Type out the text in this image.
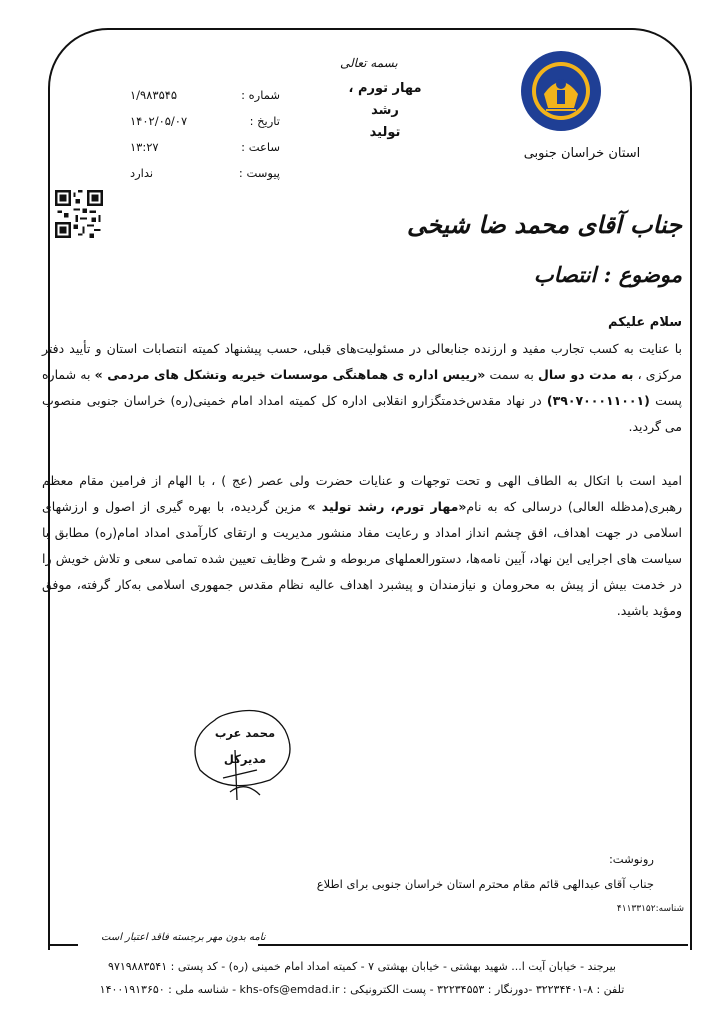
استان خراسان جنوبی
بسمه تعالی
مهار تورم ، رشد
تولید
شماره :
۱/۹۸۳۵۴۵
تاریخ :
۱۴۰۲/۰۵/۰۷
ساعت :
۱۳:۲۷
پیوست :
ندارد
جناب آقای محمد ضا شیخی
موضوع : انتصاب
سلام علیکم
با عنایت به کسب تجارب مفید و ارزنده جنابعالی در مسئولیت‌های قبلی، حسب پیشنهاد کمیته انتصابات استان و تأیید دفتر مرکزی ، به مدت دو سال به سمت «رییس اداره ی هماهنگی موسسات خیریه وتشکل های مردمی » به شماره پست (۳۹۰۷۰۰۰۱۱۰۰۱) در نهاد مقدس‌خدمتگزارو انقلابی اداره کل کمیته امداد امام خمینی(ره) خراسان جنوبی منصوب می گردید.
امید است با اتکال به الطاف الهی و تحت توجهات و عنایات حضرت ولی عصر (عج ) ، با الهام از فرامین مقام معظم رهبری(مدظله العالی) درسالی که به نام«مهار تورم، رشد تولید » مزین گردیده، با بهره گیری از اصول و ارزشهای اسلامی در جهت اهداف، افق چشم انداز امداد و رعایت مفاد منشور مدیریت و ارتقای کارآمدی امداد امام(ره) مطابق با سیاست های اجرایی این نهاد، آیین نامه‌ها، دستورالعملهای مربوطه و شرح وظایف تعیین شده تمامی سعی و تلاش خویش را در خدمت بیش از پیش به محرومان و نیازمندان و پیشبرد اهداف عالیه نظام مقدس جمهوری اسلامی به‌کار گرفته، موفق ومؤید باشید.
محمد عرب
مدیرکل
رونوشت:
جناب آقای عبدالهی قائم مقام محترم استان خراسان جنوبی برای اطلاع
شناسه:۴۱۱۳۳۱۵۲
نامه بدون مهر برجسته فاقد اعتبار است
بیرجند - خیابان آیت ا... شهید بهشتی - خیابان بهشتی ۷ - کمیته امداد امام خمینی (ره) - کد پستی : ۹۷۱۹۸۸۳۵۴۱
تلفن : ۸-۳۲۲۳۴۴۰۱ -دورنگار : ۳۲۲۳۴۵۵۳ - پست الکترونیکی : khs-ofs@emdad.ir - شناسه ملی : ۱۴۰۰۱۹۱۳۶۵۰
